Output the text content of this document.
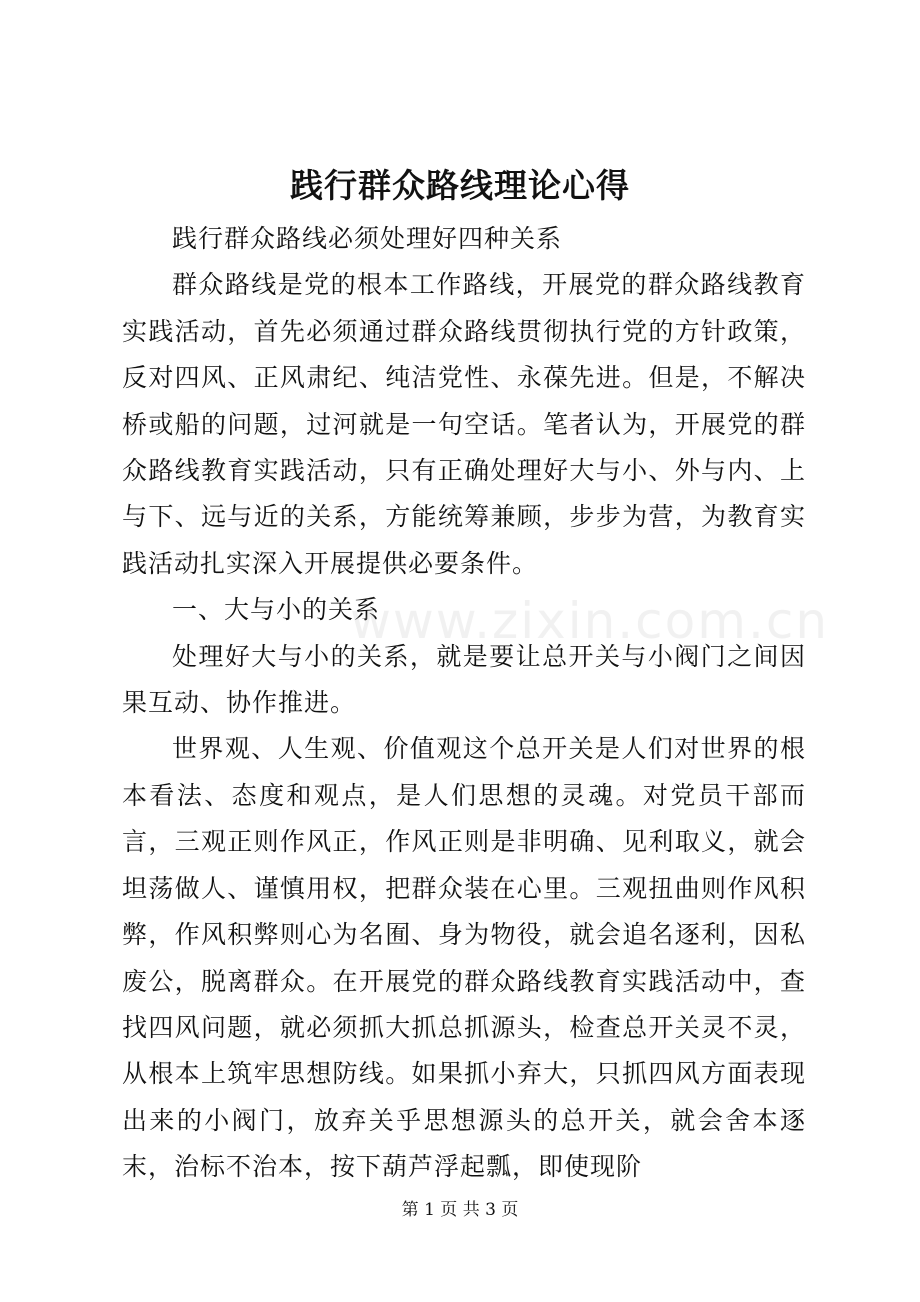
践行群众路线理论心得

践行群众路线必须处理好四种关系

群众路线是党的根本工作路线，开展党的群众路线教育实践活动，首先必须通过群众路线贯彻执行党的方针政策，反对四风、正风肃纪、纯洁党性、永葆先进。但是，不解决桥或船的问题，过河就是一句空话。笔者认为，开展党的群众路线教育实践活动，只有正确处理好大与小、外与内、上与下、远与近的关系，方能统筹兼顾，步步为营，为教育实践活动扎实深入开展提供必要条件。

一、大与小的关系

处理好大与小的关系，就是要让总开关与小阀门之间因果互动、协作推进。

世界观、人生观、价值观这个总开关是人们对世界的根本看法、态度和观点，是人们思想的灵魂。对党员干部而言，三观正则作风正，作风正则是非明确、见利取义，就会坦荡做人、谨慎用权，把群众装在心里。三观扭曲则作风积弊，作风积弊则心为名囿、身为物役，就会追名逐利，因私废公，脱离群众。在开展党的群众路线教育实践活动中，查找四风问题，就必须抓大抓总抓源头，检查总开关灵不灵，从根本上筑牢思想防线。如果抓小弃大，只抓四风方面表现出来的小阀门，放弃关乎思想源头的总开关，就会舍本逐末，治标不治本，按下葫芦浮起瓢，即使现阶

www.zixin.com.cn
第 1 页 共 3 页
